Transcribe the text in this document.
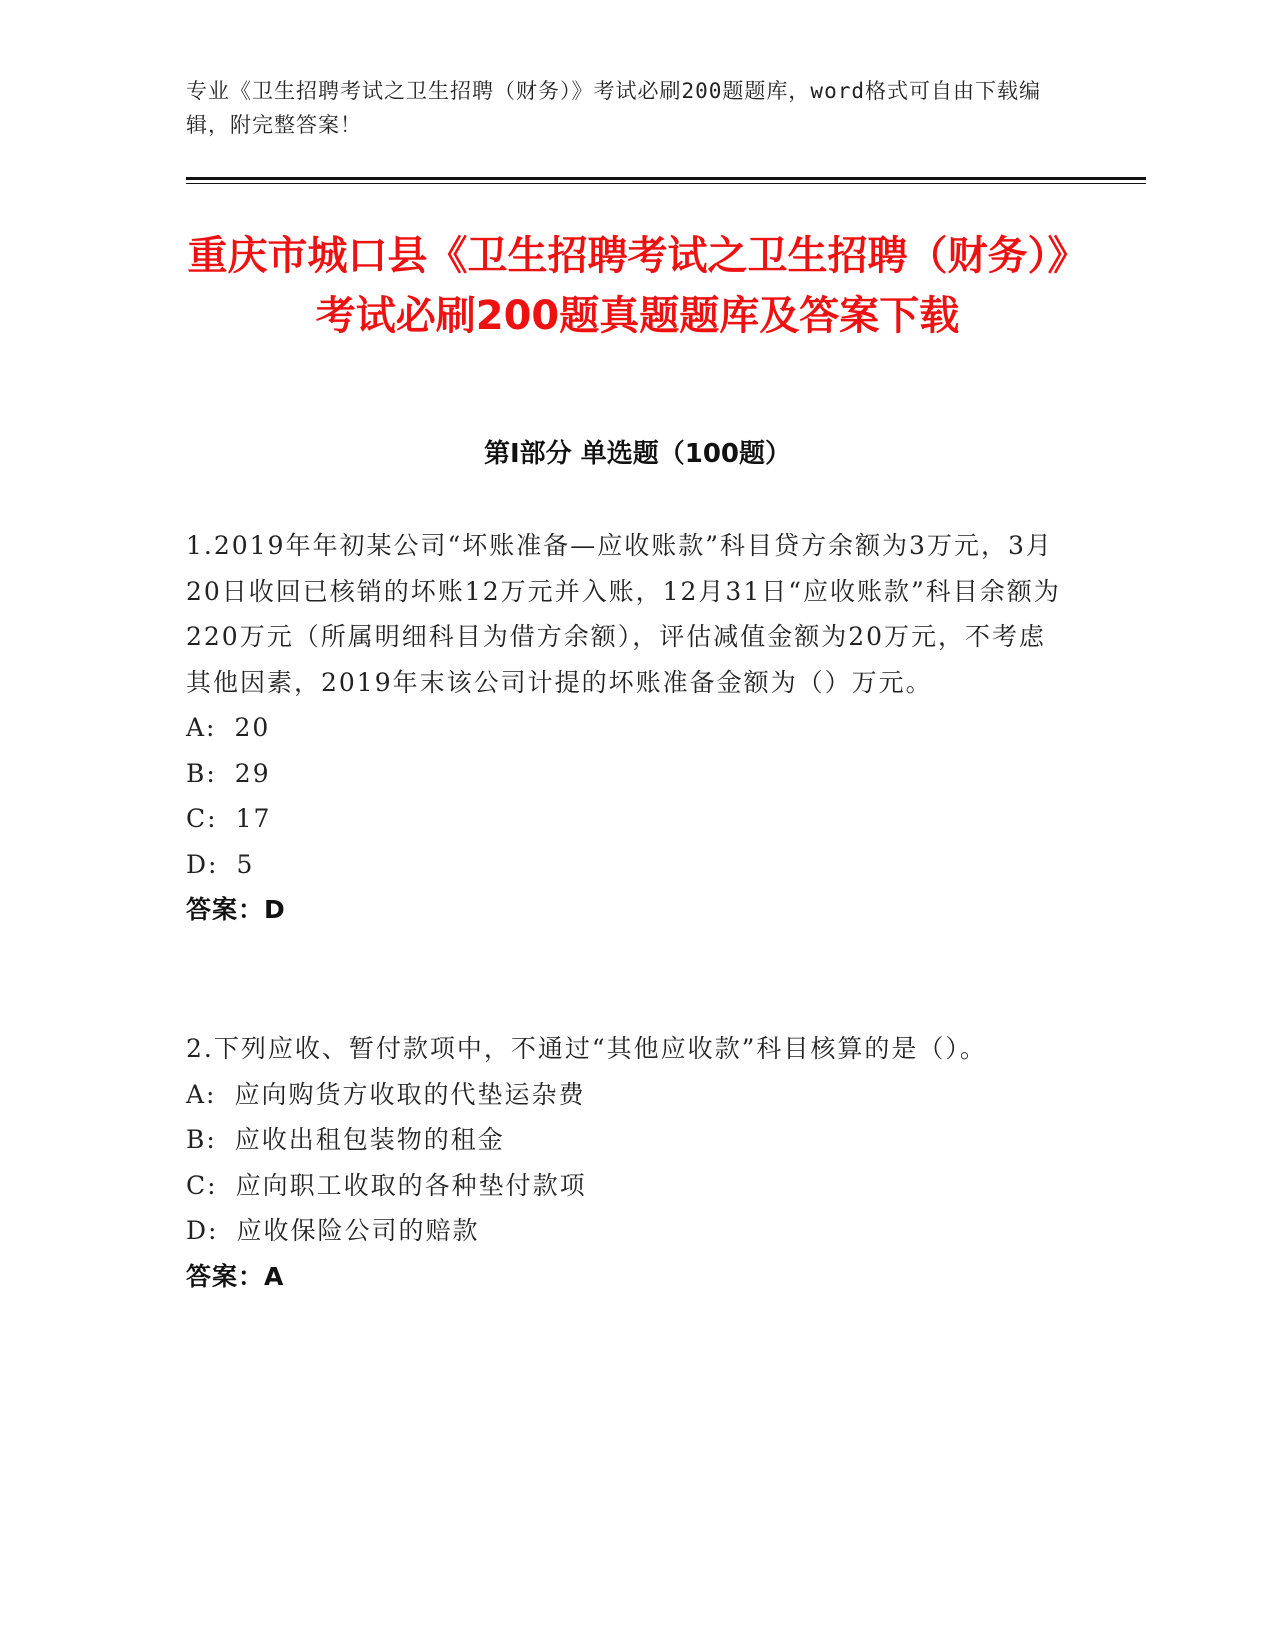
专业《卫生招聘考试之卫生招聘（财务）》考试必刷200题题库，word格式可自由下载编辑，附完整答案！
重庆市城口县《卫生招聘考试之卫生招聘（财务）》考试必刷200题真题题库及答案下载
第Ⅰ部分 单选题（100题）

1.2019年年初某公司“坏账准备—应收账款”科目贷方余额为3万元，3月20日收回已核销的坏账12万元并入账，12月31日“应收账款”科目余额为220万元（所属明细科目为借方余额），评估减值金额为20万元，不考虑其他因素，2019年末该公司计提的坏账准备金额为（）万元。

A: 20

B: 29

C: 17

D: 5

答案：D

2.下列应收、暂付款项中，不通过“其他应收款”科目核算的是（）。

A: 应向购货方收取的代垫运杂费

B: 应收出租包装物的租金

C: 应向职工收取的各种垫付款项

D: 应收保险公司的赔款

答案：A
